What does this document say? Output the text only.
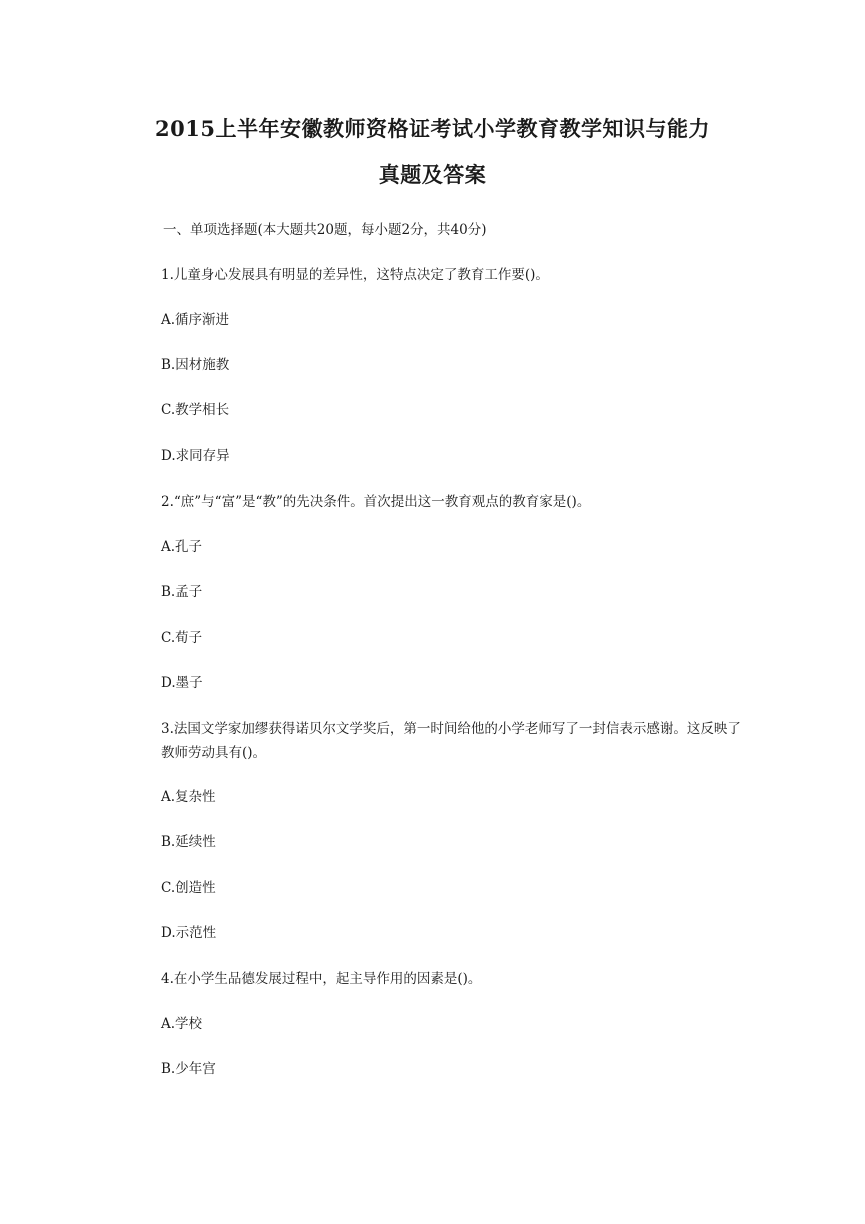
2015上半年安徽教师资格证考试小学教育教学知识与能力
真题及答案

一、单项选择题(本大题共20题，每小题2分，共40分)

1.儿童身心发展具有明显的差异性，这特点决定了教育工作要()。

A.循序渐进

B.因材施教

C.教学相长

D.求同存异

2.“庶”与“富”是“教”的先决条件。首次提出这一教育观点的教育家是()。

A.孔子

B.孟子

C.荀子

D.墨子

3.法国文学家加缪获得诺贝尔文学奖后，第一时间给他的小学老师写了一封信表示感谢。这反映了教师劳动具有()。

A.复杂性

B.延续性

C.创造性

D.示范性

4.在小学生品德发展过程中，起主导作用的因素是()。

A.学校

B.少年宫
